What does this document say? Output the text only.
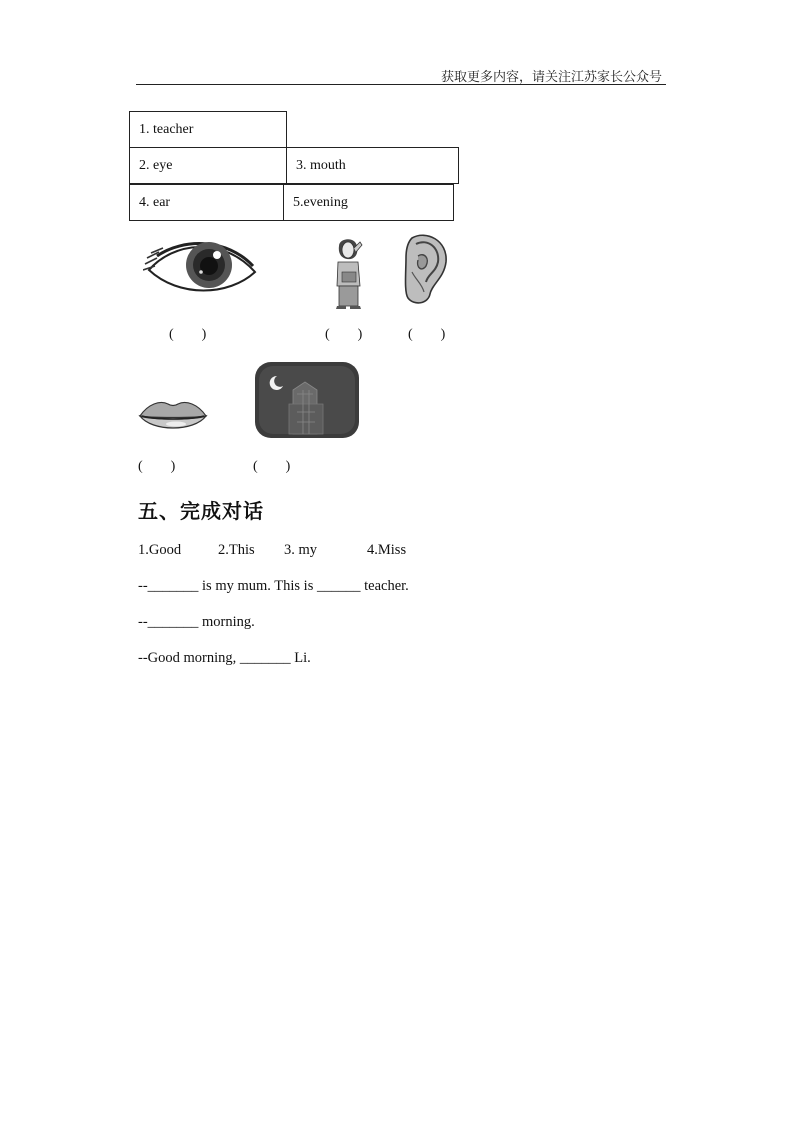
获取更多内容，请关注江苏家长公众号
1. teacher
2. eye	3. mouth
4. ear	5.evening
(        )	(        )	(        )
(        )	(        )
五、完成对话
1.Good	2.This 3. my	4.Miss
--_______ is my mum. This is ______ teacher.
--_______ morning.
--Good morning, _______ Li.
